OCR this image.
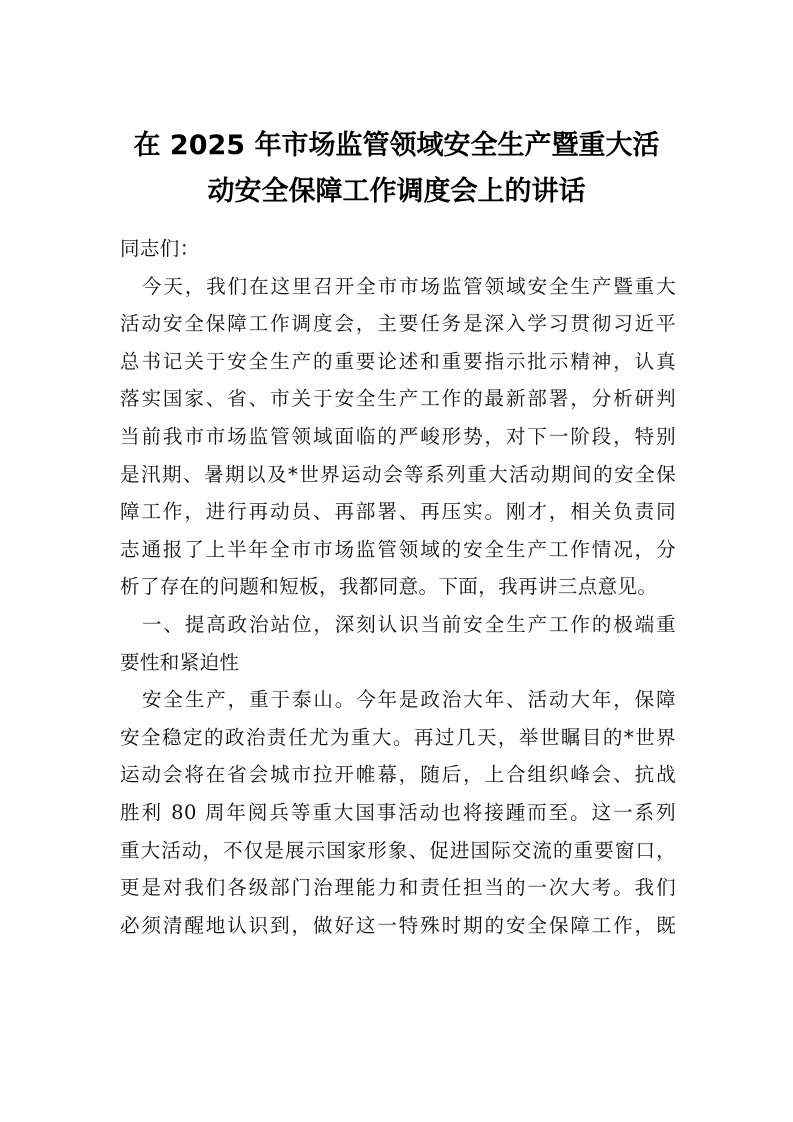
在 2025 年市场监管领域安全生产暨重大活
动安全保障工作调度会上的讲话
同志们：
今天，我们在这里召开全市市场监管领域安全生产暨重大
活动安全保障工作调度会，主要任务是深入学习贯彻习近平
总书记关于安全生产的重要论述和重要指示批示精神，认真
落实国家、省、市关于安全生产工作的最新部署，分析研判
当前我市市场监管领域面临的严峻形势，对下一阶段，特别
是汛期、暑期以及*世界运动会等系列重大活动期间的安全保
障工作，进行再动员、再部署、再压实。刚才，相关负责同
志通报了上半年全市市场监管领域的安全生产工作情况，分
析了存在的问题和短板，我都同意。下面，我再讲三点意见。
一、提高政治站位，深刻认识当前安全生产工作的极端重
要性和紧迫性
安全生产，重于泰山。今年是政治大年、活动大年，保障
安全稳定的政治责任尤为重大。再过几天，举世瞩目的*世界
运动会将在省会城市拉开帷幕，随后，上合组织峰会、抗战
胜利 80 周年阅兵等重大国事活动也将接踵而至。这一系列
重大活动，不仅是展示国家形象、促进国际交流的重要窗口，
更是对我们各级部门治理能力和责任担当的一次大考。我们
必须清醒地认识到，做好这一特殊时期的安全保障工作，既
